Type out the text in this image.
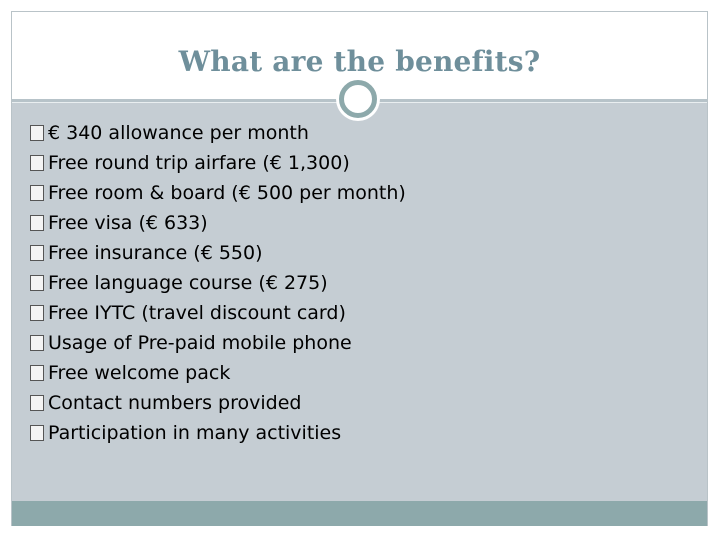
What are the benefits?
€ 340 allowance per month
Free round trip airfare (€ 1,300)
Free room & board (€ 500 per month)
Free visa (€ 633)
Free insurance (€ 550)
Free language course (€ 275)
Free IYTC (travel discount card)
Usage of Pre-paid mobile phone
Free welcome pack
Contact numbers provided
Participation in many activities
